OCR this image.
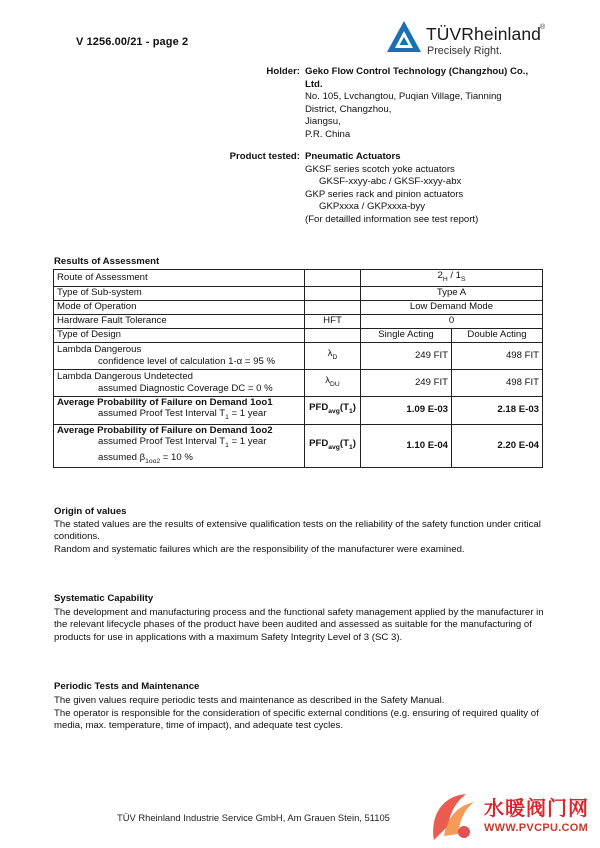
V 1256.00/21 - page 2	TÜVRheinland
®
Precisely Right.
Holder: Geko Flow Control Technology (Changzhou) Co.,
Ltd.
No. 105, Lvchangtou, Puqian Village, Tianning
District, Changzhou,
Jiangsu,
P.R. China
Product tested: Pneumatic Actuators
GKSF series scotch yoke actuators
GKSF-xxyy-abc / GKSF-xxyy-abx
GKP series rack and pinion actuators
GKPxxxa / GKPxxxa-byy
(For detailled information see test report)
Results of Assessment
Route of Assessment		$2_H / 1_S$
Type of Sub-system		Type A	
Mode of Operation		Low Demand Mode	
Hardware Fault Tolerance	HFT	0	
Type of Design		Single Acting	Double Acting
Lambda Dangerous
confidence level of calculation 1-α = 95 %	$\lambda_D$	249 FIT	498 FIT
Lambda Dangerous Undetected
assumed Diagnostic Coverage DC = 0 %	$\lambda_{DU}$	249 FIT	498 FIT
Average Probability of Failure on Demand 1oo1
assumed Proof Test Interval $T_1 = 1$ year	$PFD_{avg}(T_1)$	1.09 E-03	2.18 E-03
Average Probability of Failure on Demand 1oo2
assumed Proof Test Interval $T_1 = 1$ year
assumed $\beta_{1oo2} = 10$ %	$PFD_{avg}(T_1)$	1.10 E-04	2.20 E-04
Origin of values
The stated values are the results of extensive qualification tests on the reliability of the safety function under critical conditions.
Random and systematic failures which are the responsibility of the manufacturer were examined.
Systematic Capability
The development and manufacturing process and the functional safety management applied by the manufacturer in the relevant lifecycle phases of the product have been audited and assessed as suitable for the manufacturing of products for use in applications with a maximum Safety Integrity Level of 3 (SC 3).
Periodic Tests and Maintenance
The given values require periodic tests and maintenance as described in the Safety Manual.
The operator is responsible for the consideration of specific external conditions (e.g. ensuring of required quality of media, max. temperature, time of impact), and adequate test cycles.
TÜV Rheinland Industrie Service GmbH, Am Grauen Stein, 51105	水暖阀门网
WWW.PVCPU.COM
